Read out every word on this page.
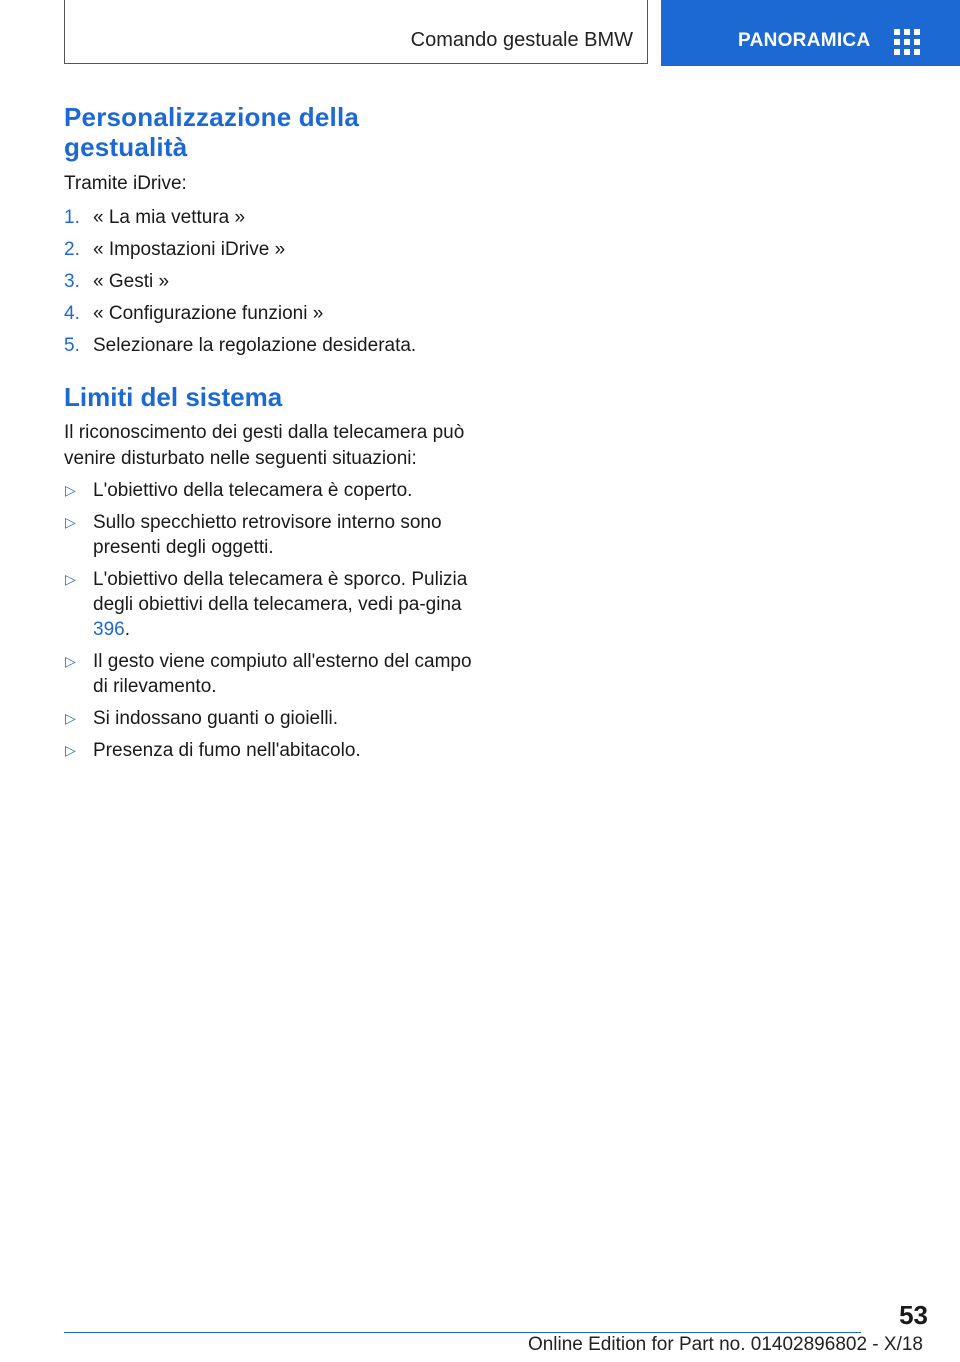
Comando gestuale BMW	PANORAMICA
Personalizzazione della
gestualità
Tramite iDrive:
1. « La mia vettura »
2. « Impostazioni iDrive »
3. « Gesti »
4. « Configurazione funzioni »
5. Selezionare la regolazione desiderata.
Limiti del sistema
Il riconoscimento dei gesti dalla telecamera può venire disturbato nelle seguenti situazioni:
▷ L'obiettivo della telecamera è coperto.
▷ Sullo specchietto retrovisore interno sono presenti degli oggetti.
▷ L'obiettivo della telecamera è sporco. Pulizia degli obiettivi della telecamera, vedi pa-gina 396.
▷ Il gesto viene compiuto all'esterno del campo di rilevamento.
▷ Si indossano guanti o gioielli.
▷ Presenza di fumo nell'abitacolo.
53
Online Edition for Part no. 01402896802 - X/18
